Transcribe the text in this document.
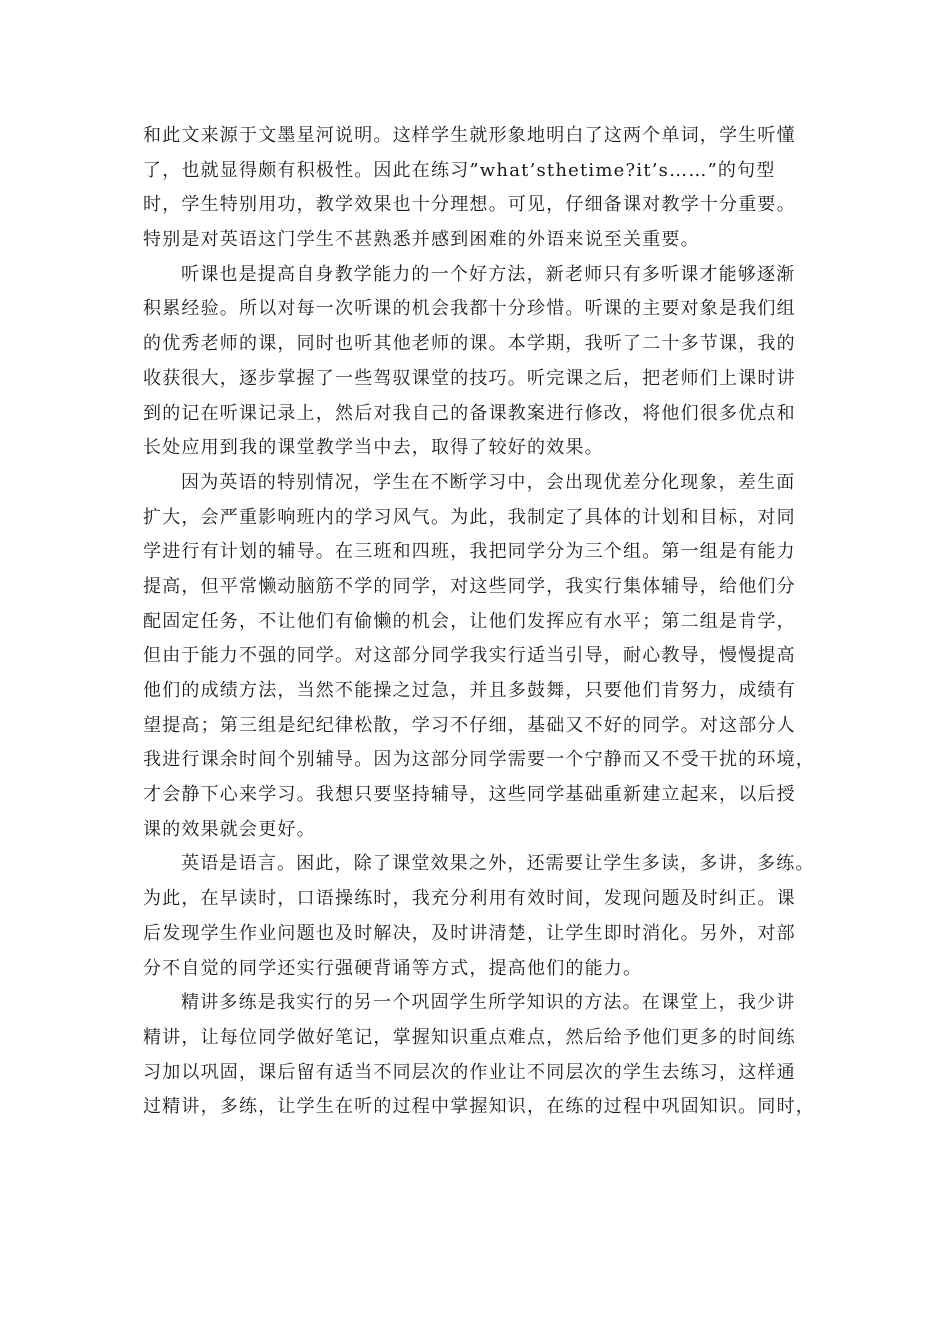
和此文来源于文墨星河说明。这样学生就形象地明白了这两个单词，学生听懂
了，也就显得颇有积极性。因此在练习”what’sthetime?it’s……”的句型
时，学生特别用功，教学效果也十分理想。可见，仔细备课对教学十分重要。
特别是对英语这门学生不甚熟悉并感到困难的外语来说至关重要。
听课也是提高自身教学能力的一个好方法，新老师只有多听课才能够逐渐
积累经验。所以对每一次听课的机会我都十分珍惜。听课的主要对象是我们组
的优秀老师的课，同时也听其他老师的课。本学期，我听了二十多节课，我的
收获很大，逐步掌握了一些驾驭课堂的技巧。听完课之后，把老师们上课时讲
到的记在听课记录上，然后对我自己的备课教案进行修改，将他们很多优点和
长处应用到我的课堂教学当中去，取得了较好的效果。
因为英语的特别情况，学生在不断学习中，会出现优差分化现象，差生面
扩大，会严重影响班内的学习风气。为此，我制定了具体的计划和目标，对同
学进行有计划的辅导。在三班和四班，我把同学分为三个组。第一组是有能力
提高，但平常懒动脑筋不学的同学，对这些同学，我实行集体辅导，给他们分
配固定任务，不让他们有偷懒的机会，让他们发挥应有水平；第二组是肯学，
但由于能力不强的同学。对这部分同学我实行适当引导，耐心教导，慢慢提高
他们的成绩方法，当然不能操之过急，并且多鼓舞，只要他们肯努力，成绩有
望提高；第三组是纪纪律松散，学习不仔细，基础又不好的同学。对这部分人
我进行课余时间个别辅导。因为这部分同学需要一个宁静而又不受干扰的环境，
才会静下心来学习。我想只要坚持辅导，这些同学基础重新建立起来，以后授
课的效果就会更好。
英语是语言。困此，除了课堂效果之外，还需要让学生多读，多讲，多练。
为此，在早读时，口语操练时，我充分利用有效时间，发现问题及时纠正。课
后发现学生作业问题也及时解决，及时讲清楚，让学生即时消化。另外，对部
分不自觉的同学还实行强硬背诵等方式，提高他们的能力。
精讲多练是我实行的另一个巩固学生所学知识的方法。在课堂上，我少讲
精讲，让每位同学做好笔记，掌握知识重点难点，然后给予他们更多的时间练
习加以巩固，课后留有适当不同层次的作业让不同层次的学生去练习，这样通
过精讲，多练，让学生在听的过程中掌握知识，在练的过程中巩固知识。同时，
